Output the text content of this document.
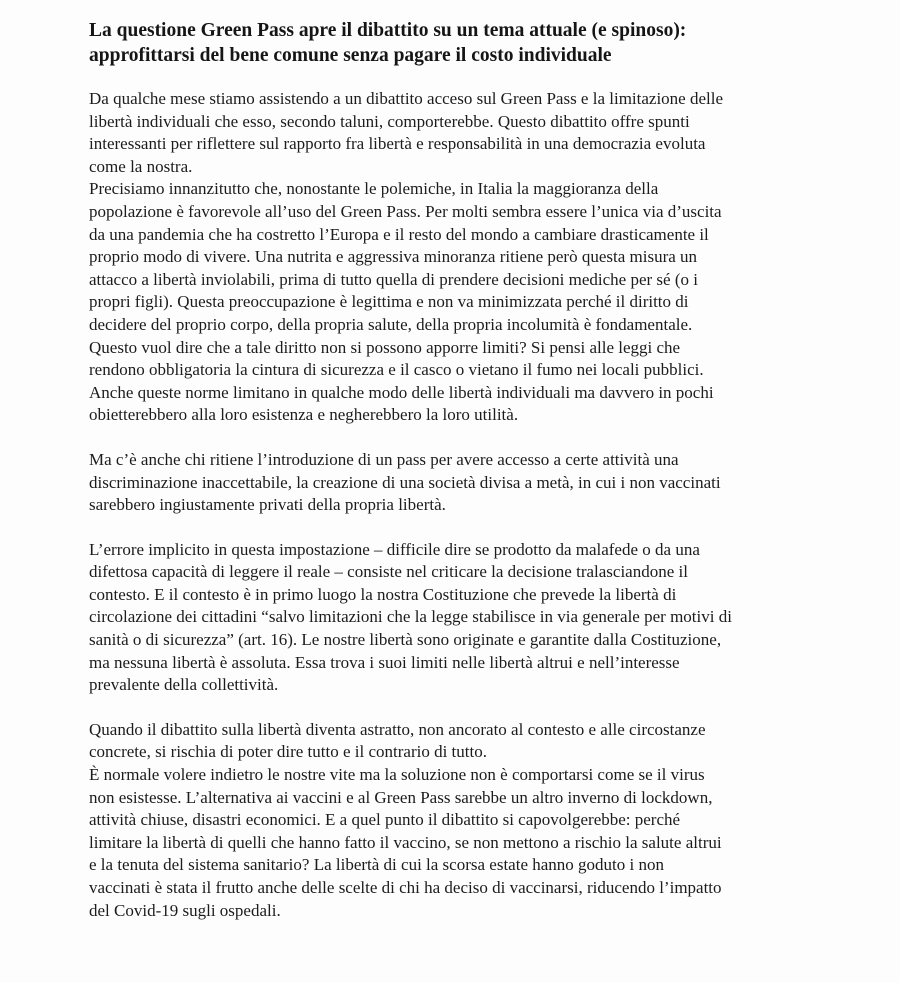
La questione Green Pass apre il dibattito su un tema attuale (e spinoso):
approfittarsi del bene comune senza pagare il costo individuale

Da qualche mese stiamo assistendo a un dibattito acceso sul Green Pass e la limitazione delle
libertà individuali che esso, secondo taluni, comporterebbe. Questo dibattito offre spunti
interessanti per riflettere sul rapporto fra libertà e responsabilità in una democrazia evoluta
come la nostra.

Precisiamo innanzitutto che, nonostante le polemiche, in Italia la maggioranza della
popolazione è favorevole all’uso del Green Pass. Per molti sembra essere l’unica via d’uscita
da una pandemia che ha costretto l’Europa e il resto del mondo a cambiare drasticamente il
proprio modo di vivere. Una nutrita e aggressiva minoranza ritiene però questa misura un
attacco a libertà inviolabili, prima di tutto quella di prendere decisioni mediche per sé (o i
propri figli). Questa preoccupazione è legittima e non va minimizzata perché il diritto di
decidere del proprio corpo, della propria salute, della propria incolumità è fondamentale.
Questo vuol dire che a tale diritto non si possono apporre limiti? Si pensi alle leggi che
rendono obbligatoria la cintura di sicurezza e il casco o vietano il fumo nei locali pubblici.
Anche queste norme limitano in qualche modo delle libertà individuali ma davvero in pochi
obietterebbero alla loro esistenza e negherebbero la loro utilità.

Ma c’è anche chi ritiene l’introduzione di un pass per avere accesso a certe attività una
discriminazione inaccettabile, la creazione di una società divisa a metà, in cui i non vaccinati
sarebbero ingiustamente privati della propria libertà.

L’errore implicito in questa impostazione – difficile dire se prodotto da malafede o da una
difettosa capacità di leggere il reale – consiste nel criticare la decisione tralasciandone il
contesto. E il contesto è in primo luogo la nostra Costituzione che prevede la libertà di
circolazione dei cittadini “salvo limitazioni che la legge stabilisce in via generale per motivi di
sanità o di sicurezza” (art. 16). Le nostre libertà sono originate e garantite dalla Costituzione,
ma nessuna libertà è assoluta. Essa trova i suoi limiti nelle libertà altrui e nell’interesse
prevalente della collettività.

Quando il dibattito sulla libertà diventa astratto, non ancorato al contesto e alle circostanze
concrete, si rischia di poter dire tutto e il contrario di tutto.

È normale volere indietro le nostre vite ma la soluzione non è comportarsi come se il virus
non esistesse. L’alternativa ai vaccini e al Green Pass sarebbe un altro inverno di lockdown,
attività chiuse, disastri economici. E a quel punto il dibattito si capovolgerebbe: perché
limitare la libertà di quelli che hanno fatto il vaccino, se non mettono a rischio la salute altrui
e la tenuta del sistema sanitario? La libertà di cui la scorsa estate hanno goduto i non
vaccinati è stata il frutto anche delle scelte di chi ha deciso di vaccinarsi, riducendo l’impatto
del Covid-19 sugli ospedali.
